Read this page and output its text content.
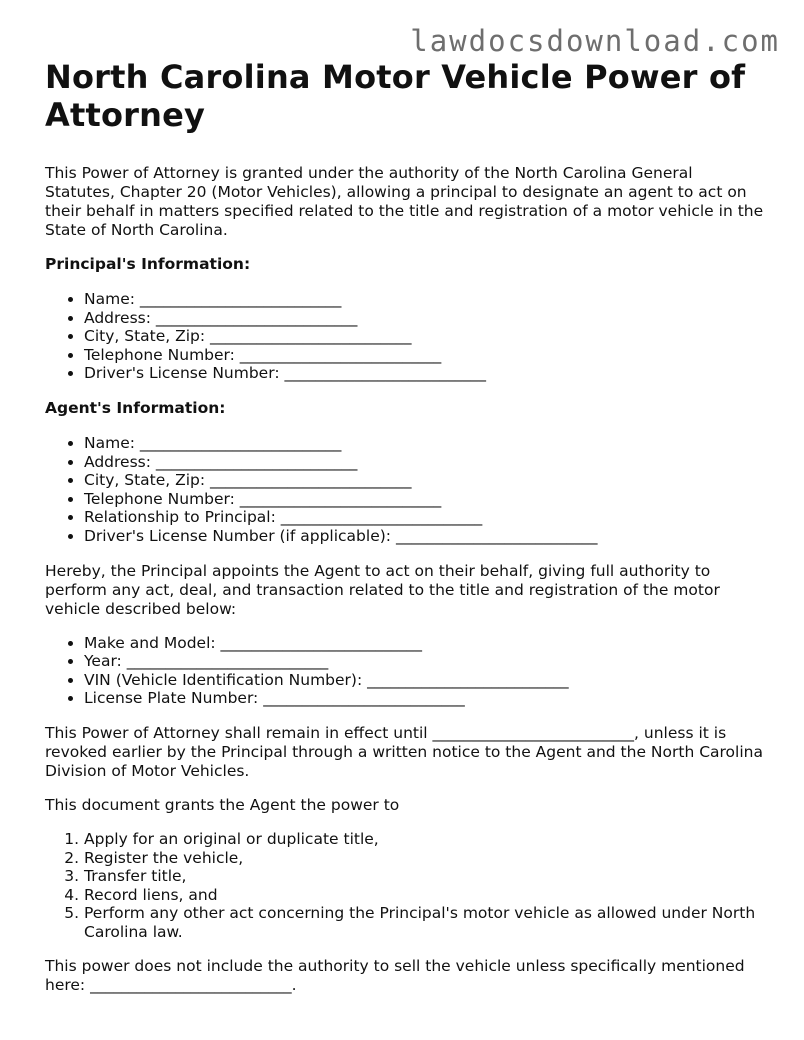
lawdocsdownload.com
North Carolina Motor Vehicle Power of Attorney

This Power of Attorney is granted under the authority of the North Carolina General Statutes, Chapter 20 (Motor Vehicles), allowing a principal to designate an agent to act on their behalf in matters specified related to the title and registration of a motor vehicle in the State of North Carolina.

Principal's Information:
• Name: __________________________
• Address: __________________________
• City, State, Zip: __________________________
• Telephone Number: __________________________
• Driver's License Number: __________________________
Agent's Information:
• Name: __________________________
• Address: __________________________
• City, State, Zip: __________________________
• Telephone Number: __________________________
• Relationship to Principal: __________________________
• Driver's License Number (if applicable): __________________________

Hereby, the Principal appoints the Agent to act on their behalf, giving full authority to perform any act, deal, and transaction related to the title and registration of the motor vehicle described below:

• Make and Model: __________________________
• Year: __________________________
• VIN (Vehicle Identification Number): __________________________
• License Plate Number: __________________________

This Power of Attorney shall remain in effect until __________________________, unless it is revoked earlier by the Principal through a written notice to the Agent and the North Carolina Division of Motor Vehicles.

This document grants the Agent the power to

1. Apply for an original or duplicate title,
2. Register the vehicle,
3. Transfer title,
4. Record liens, and
5. Perform any other act concerning the Principal's motor vehicle as allowed under North Carolina law.

This power does not include the authority to sell the vehicle unless specifically mentioned here: __________________________.
